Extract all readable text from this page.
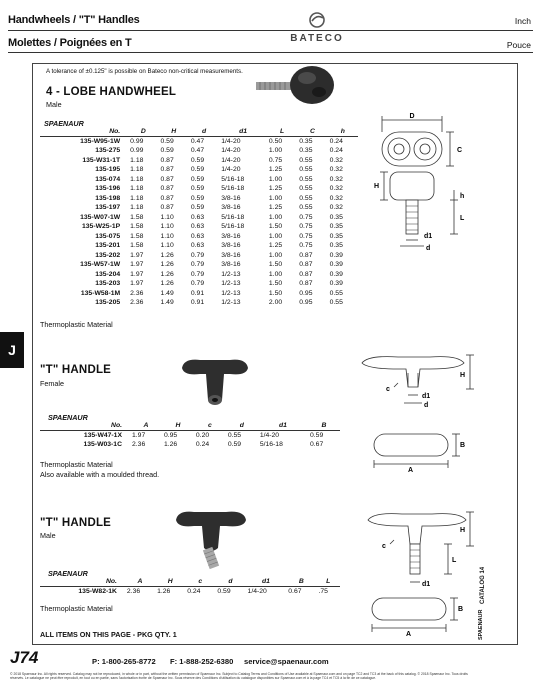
Handwheels / "T" Handles
Molettes / Poignées en T
Inch
Pouce
BATECO
J
A tolerance of ±0.125" is possible on Bateco non-critical measurements.
4 - LOBE HANDWHEEL
Male
SPAENAUR
No.	D	H	d	d1	L	C	h
135-W95-1W	0.99	0.59	0.47	1/4-20	0.50	0.35	0.24
135-275	0.99	0.59	0.47	1/4-20	1.00	0.35	0.24
135-W31-1T	1.18	0.87	0.59	1/4-20	0.75	0.55	0.32
135-195	1.18	0.87	0.59	1/4-20	1.25	0.55	0.32
135-074	1.18	0.87	0.59	5/16-18	1.00	0.55	0.32
135-196	1.18	0.87	0.59	5/16-18	1.25	0.55	0.32
135-198	1.18	0.87	0.59	3/8-16	1.00	0.55	0.32
135-197	1.18	0.87	0.59	3/8-16	1.25	0.55	0.32
135-W07-1W	1.58	1.10	0.63	5/16-18	1.00	0.75	0.35
135-W25-1P	1.58	1.10	0.63	5/16-18	1.50	0.75	0.35
135-075	1.58	1.10	0.63	3/8-16	1.00	0.75	0.35
135-201	1.58	1.10	0.63	3/8-16	1.25	0.75	0.35
135-202	1.97	1.26	0.79	3/8-16	1.00	0.87	0.39
135-W57-1W	1.97	1.26	0.79	3/8-16	1.50	0.87	0.39
135-204	1.97	1.26	0.79	1/2-13	1.00	0.87	0.39
135-203	1.97	1.26	0.79	1/2-13	1.50	0.87	0.39
135-W58-1M	2.36	1.49	0.91	1/2-13	1.50	0.95	0.55
135-205	2.36	1.49	0.91	1/2-13	2.00	0.95	0.55
Thermoplastic Material
D
H
C
h
L
d1
d
"T" HANDLE
Female
H
d1
d
c
B
A
SPAENAUR
No.	A	H	c	d	d1	B
135-W47-1X	1.97	0.95	0.20	0.55	1/4-20	0.59
135-W03-1C	2.36	1.26	0.24	0.59	5/16-18	0.67
Thermoplastic Material
Also available with a moulded thread.
"T" HANDLE
Male
H
L
d1
c
B
A
SPAENAUR
No.	A	H	c	d	d1	B	L
135-W82-1K	2.36	1.26	0.24	0.59	1/4-20	0.67	.75
Thermoplastic Material
ALL ITEMS ON THIS PAGE - PKG QTY. 1
CATALOG 14
SPAENAUR
J74	P: 1-800-265-8772 F: 1-888-252-6380 service@spaenaur.com
© 2018 Spaenaur Inc. All rights reserved. Catalog may not be reproduced, in whole or in part, without the written permission of Spaenaur Inc. Subject to Catalog Terms and Conditions of Use available at Spaenaur.com and on page TC2 and TC3 at the back of this catalog. © 2018 Spaenaur Inc. Tous droits réservés. Le catalogue ne peut être reproduit, en tout ou en partie, sans l'autorisation écrite de Spaenaur Inc. Sous réserve des Conditions d'utilisation du catalogue disponibles sur Spaenaur.com et à la page TC4 et TC5 à la fin de ce catalogue.
